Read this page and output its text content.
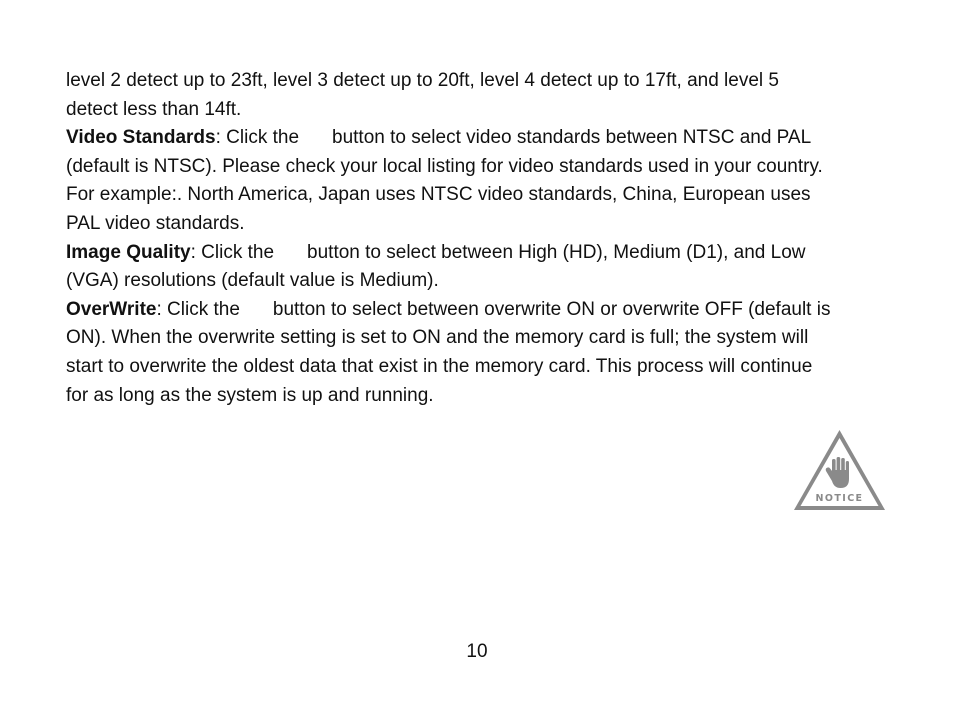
level 2 detect up to 23ft, level 3 detect up to 20ft, level 4 detect up to 17ft, and level 5
detect less than 14ft.
Video Standards: Click the button to select video standards between NTSC and PAL
(default is NTSC). Please check your local listing for video standards used in your country.
For example:. North America, Japan uses NTSC video standards, China, European uses
PAL video standards.
Image Quality: Click the button to select between High (HD), Medium (D1), and Low
(VGA) resolutions (default value is Medium).
OverWrite: Click the button to select between overwrite ON or overwrite OFF (default is
ON). When the overwrite setting is set to ON and the memory card is full; the system will
start to overwrite the oldest data that exist in the memory card. This process will continue
for as long as the system is up and running.
NOTICE
10
